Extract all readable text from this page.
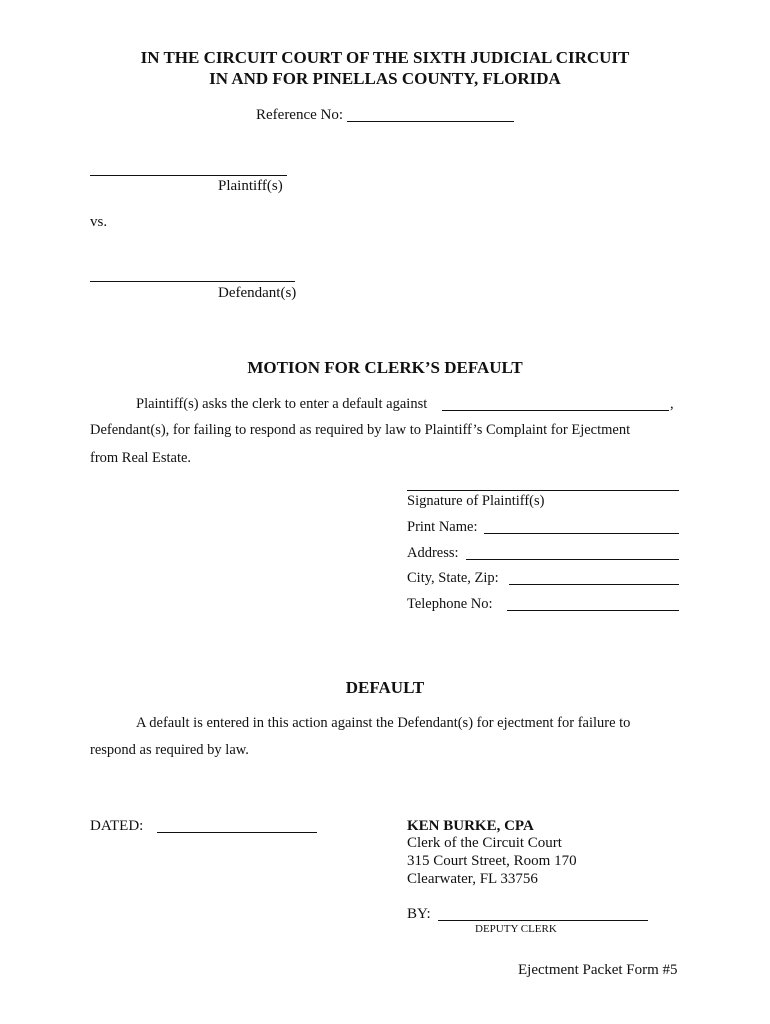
IN THE CIRCUIT COURT OF THE SIXTH JUDICIAL CIRCUIT
IN AND FOR PINELLAS COUNTY, FLORIDA
Reference No:
Plaintiff(s)
vs.
Defendant(s)
MOTION FOR CLERK’S DEFAULT
Plaintiff(s) asks the clerk to enter a default against	,
Defendant(s), for failing to respond as required by law to Plaintiff’s Complaint for Ejectment
from Real Estate.
Signature of Plaintiff(s)
Print Name:
Address:
City, State, Zip:
Telephone No:
DEFAULT
A default is entered in this action against the Defendant(s) for ejectment for failure to
respond as required by law.
DATED:	KEN BURKE, CPA
Clerk of the Circuit Court
315 Court Street, Room 170
Clearwater, FL 33756
BY:
DEPUTY CLERK
Ejectment Packet Form #5
